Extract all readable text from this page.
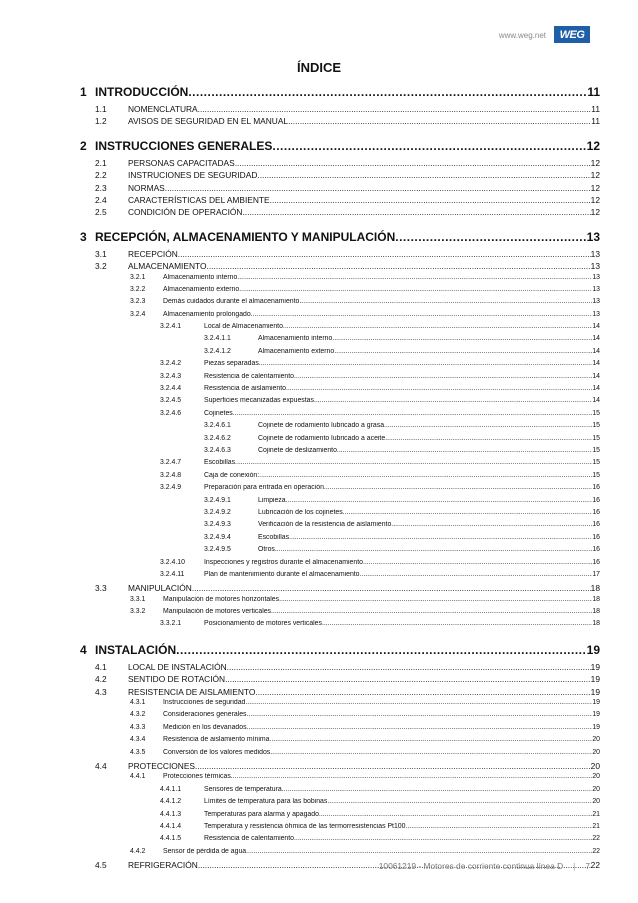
www.weg.net WEG
ÍNDICE
1 INTRODUCCIÓN .....	11
1.1	NOMENCLATURA .....	11
1.2	AVISOS DE SEGURIDAD EN EL MANUAL .....	11
2 INSTRUCCIONES GENERALES .....	12
2.1	PERSONAS CAPACITADAS .....	12
2.2	INSTRUCIONES DE SEGURIDAD .....	12
2.3	NORMAS .....	12
2.4	CARACTERÍSTICAS DEL AMBIENTE .....	12
2.5	CONDICIÓN DE OPERACIÓN .....	12
3 RECEPCIÓN, ALMACENAMIENTO Y MANIPULACIÓN .....	13
3.1	RECEPCIÓN .....	13
3.2	ALMACENAMIENTO .....	13
3.2.1	Almacenamiento interno .....	13
3.2.2	Almacenamiento externo .....	13
3.2.3	Demás cuidados durante el almacenamiento .....	13
3.2.4	Almacenamiento prolongado .....	13
3.2.4.1	Local de Almacenamiento .....	14
3.2.4.1.1	Almacenamiento interno .....	14
3.2.4.1.2	Almacenamiento externo .....	14
3.2.4.2	Piezas separadas .....	14
3.2.4.3	Resistencia de calentamiento .....	14
3.2.4.4	Resistencia de aislamiento .....	14
3.2.4.5	Superficies mecanizadas expuestas .....	14
3.2.4.6	Cojinetes .....	15
3.2.4.6.1	Cojinete de rodamiento lubricado a grasa .....	15
3.2.4.6.2	Cojinete de rodamiento lubricado a aceite .....	15
3.2.4.6.3	Cojinete de deslizamiento .....	15
3.2.4.7	Escobillas .....	15
3.2.4.8	Caja de conexión: .....	15
3.2.4.9	Preparación para entrada en operación .....	16
3.2.4.9.1	Limpieza .....	16
3.2.4.9.2	Lubricación de los cojinetes .....	16
3.2.4.9.3	Verificación de la resistencia de aislamiento .....	16
3.2.4.9.4	Escobillas .....	16
3.2.4.9.5	Otros .....	16
3.2.4.10	Inspecciones y registros durante el almacenamiento .....	16
3.2.4.11	Plan de mantenimiento durante el almacenamiento .....	17
3.3	MANIPULACIÓN .....	18
3.3.1	Manipulación de motores horizontales .....	18
3.3.2	Manipulación de motores verticales .....	18
3.3.2.1	Posicionamiento de motores verticales .....	18
4 INSTALACIÓN .....	19
4.1	LOCAL DE INSTALACIÓN .....	19
4.2	SENTIDO DE ROTACIÓN .....	19
4.3	RESISTENCIA DE AISLAMIENTO .....	19
4.3.1	Instrucciones de seguridad .....	19
4.3.2	Consideraciones generales .....	19
4.3.3	Medición en los devanados .....	19
4.3.4	Resistencia de aislamiento mínima .....	20
4.3.5	Conversión de los valores medidos .....	20
4.4	PROTECCIONES .....	20
4.4.1	Protecciones térmicas .....	20
4.4.1.1	Sensores de temperatura .....	20
4.4.1.2	Límites de temperatura para las bobinas .....	20
4.4.1.3	Temperaturas para alarma y apagado .....	21
4.4.1.4	Temperatura y resistencia óhmica de las termorresistencias Pt100 .....	21
4.4.1.5	Resistencia de calentamiento .....	22
4.4.2	Sensor de pérdida de agua .....	22
4.5	REFRIGERACIÓN .....	22
10061219 - Motores de corriente continua línea D | 7
